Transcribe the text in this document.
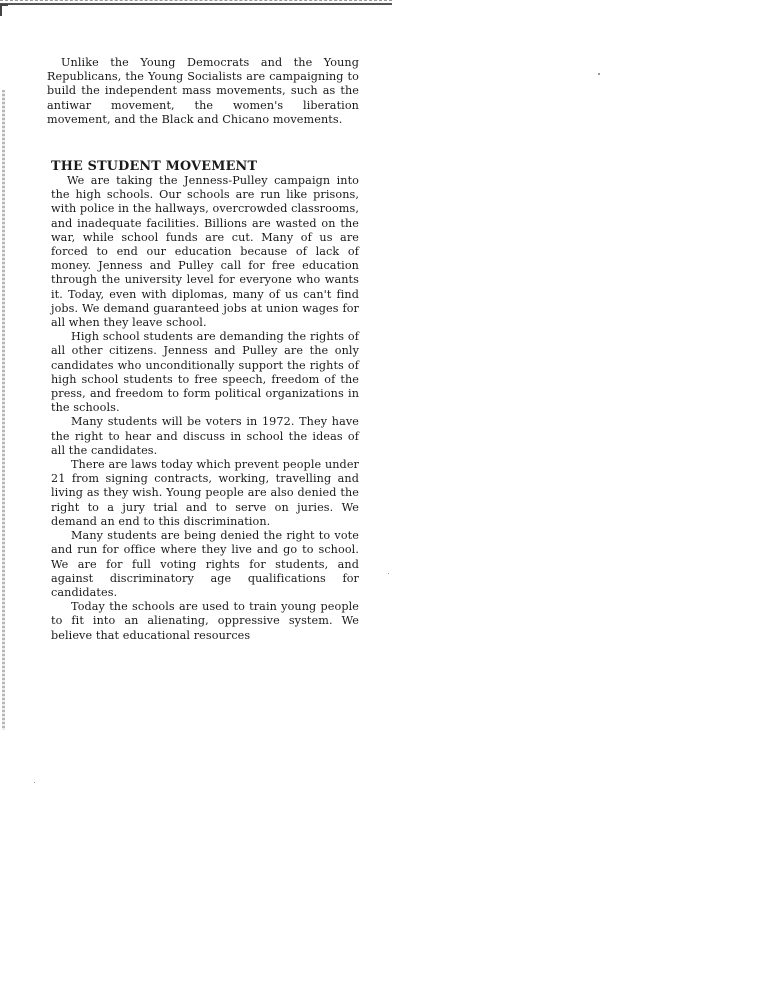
Unlike the Young Democrats and the Young Republicans, the Young Socialists are campaigning to build the independent mass movements, such as the antiwar movement, the women's liberation movement, and the Black and Chicano movements.

THE STUDENT MOVEMENT

We are taking the Jenness-Pulley campaign into the high schools. Our schools are run like prisons, with police in the hallways, overcrowded classrooms, and inadequate facilities. Billions are wasted on the war, while school funds are cut. Many of us are forced to end our education because of lack of money. Jenness and Pulley call for free education through the university level for everyone who wants it. Today, even with diplomas, many of us can't find jobs. We demand guaranteed jobs at union wages for all when they leave school.

High school students are demanding the rights of all other citizens. Jenness and Pulley are the only candidates who unconditionally support the rights of high school students to free speech, freedom of the press, and freedom to form political organizations in the schools.

Many students will be voters in 1972. They have the right to hear and discuss in school the ideas of all the candidates.

There are laws today which prevent people under 21 from signing contracts, working, travelling and living as they wish. Young people are also denied the right to a jury trial and to serve on juries. We demand an end to this discrimination.

Many students are being denied the right to vote and run for office where they live and go to school. We are for full voting rights for students, and against discriminatory age qualifications for candidates.

Today the schools are used to train young people to fit into an alienating, oppressive system. We believe that educational resources
